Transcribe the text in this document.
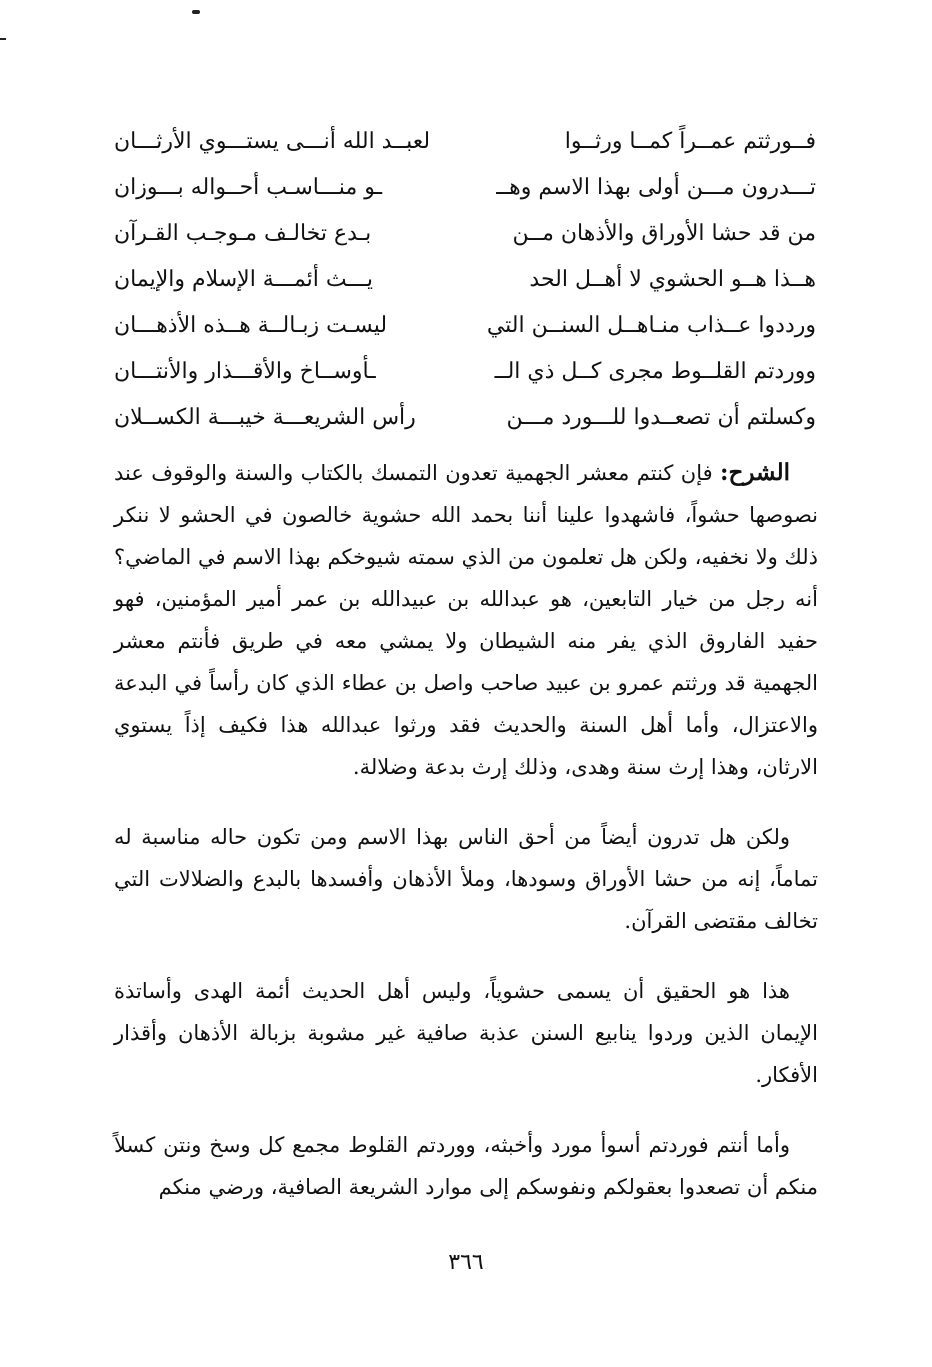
فــورثتم عمــراً كمــا ورثــوا
لعبــد الله أنـــى يستـــوي الأرثـــان
تـــدرون مـــن أولى بهذا الاسم وهــ
ـو منـــاسـب أحــواله بـــوزان
من قد حشا الأوراق والأذهان مــن
بـدع تخالـف مـوجـب القـرآن
هــذا هــو الحشوي لا أهــل الحد
يـــث أئمـــة الإسلام والإيمان
ورددوا عــذاب منـاهــل السنــن التي
ليسـت زبـالــة هــذه الأذهـــان
ووردتم القلــوط مجرى كــل ذي الــ
ـأوســاخ والأقـــذار والأنتـــان
وكسلتم أن تصعــدوا للـــورد مـــن
رأس الشريعـــة خيبـــة الكســلان

الشرح: فإن كنتم معشر الجهمية تعدون التمسك بالكتاب والسنة والوقوف عند نصوصها حشواً، فاشهدوا علينا أننا بحمد الله حشوية خالصون في الحشو لا ننكر ذلك ولا نخفيه، ولكن هل تعلمون من الذي سمته شيوخكم بهذا الاسم في الماضي؟ أنه رجل من خيار التابعين، هو عبدالله بن عبيدالله بن عمر أمير المؤمنين، فهو حفيد الفاروق الذي يفر منه الشيطان ولا يمشي معه في طريق فأنتم معشر الجهمية قد ورثتم عمرو بن عبيد صاحب واصل بن عطاء الذي كان رأساً في البدعة والاعتزال، وأما أهل السنة والحديث فقد ورثوا عبدالله هذا فكيف إذاً يستوي الارثان، وهذا إرث سنة وهدى، وذلك إرث بدعة وضلالة.

ولكن هل تدرون أيضاً من أحق الناس بهذا الاسم ومن تكون حاله مناسبة له تماماً، إنه من حشا الأوراق وسودها، وملأ الأذهان وأفسدها بالبدع والضلالات التي تخالف مقتضى القرآن.

هذا هو الحقيق أن يسمى حشوياً، وليس أهل الحديث أئمة الهدى وأساتذة الإيمان الذين وردوا ينابيع السنن عذبة صافية غير مشوبة بزبالة الأذهان وأقذار الأفكار.

وأما أنتم فوردتم أسوأ مورد وأخبثه، ووردتم القلوط مجمع كل وسخ ونتن كسلاً منكم أن تصعدوا بعقولكم ونفوسكم إلى موارد الشريعة الصافية، ورضي منكم

٣٦٦
